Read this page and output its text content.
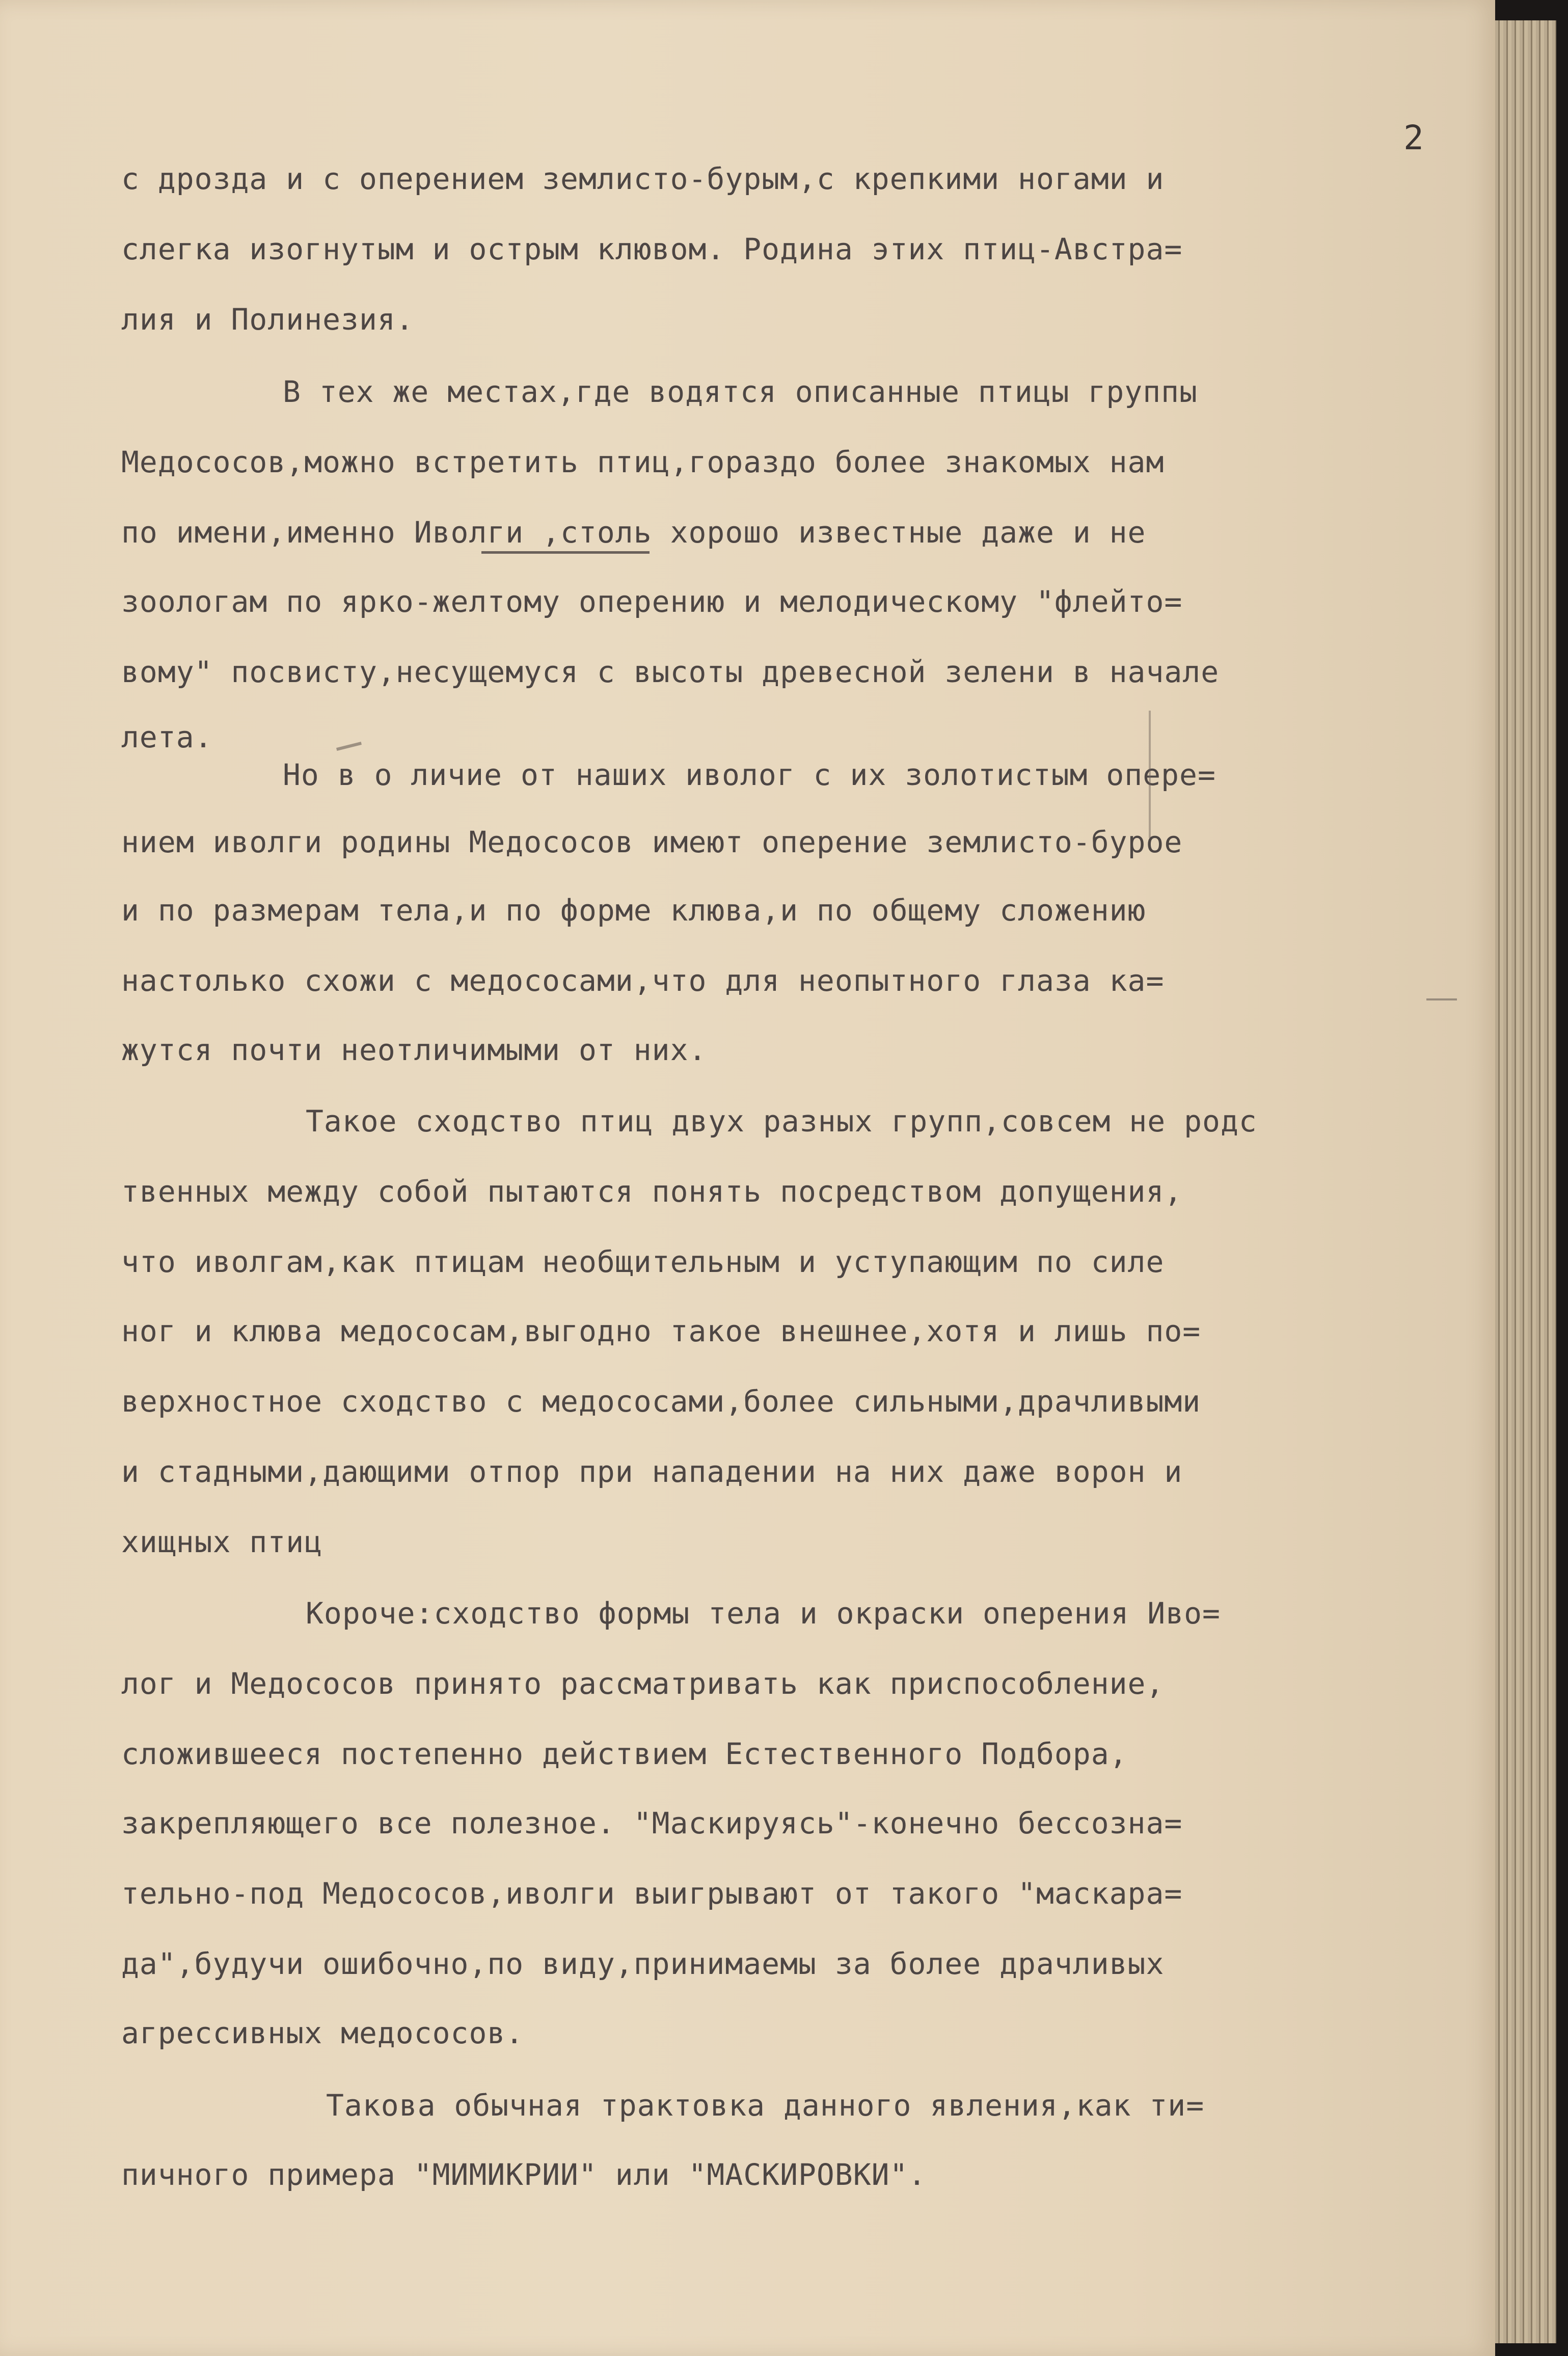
2
с дрозда и с оперением землисто-бурым,с крепкими ногами и
слегка изогнутым и острым клювом. Родина этих птиц-Австра=
лия и Полинезия.
В тех же местах,где водятся описанные птицы группы
Медососов,можно встретить птиц,гораздо более знакомых нам
по имени,именно Иволги ,столь хорошо известные даже и не
зоологам по ярко-желтому оперению и мелодическому "флейто=
вому" посвисту,несущемуся с высоты древесной зелени в начале
лета.
Но в о личие от наших иволог с их золотистым опере=
нием иволги родины Медососов имеют оперение землисто-бурое
и по размерам тела,и по форме клюва,и по общему сложению
настолько схожи с медососами,что для неопытного глаза ка=
жутся почти неотличимыми от них.
Такое сходство птиц двух разных групп,совсем не родс
твенных между собой пытаются понять посредством допущения,
что иволгам,как птицам необщительным и уступающим по силе
ног и клюва медососам,выгодно такое внешнее,хотя и лишь по=
верхностное сходство с медососами,более сильными,драчливыми
и стадными,дающими отпор при нападении на них даже ворон и
хищных птиц
Короче:сходство формы тела и окраски оперения Иво=
лог и Медососов принято рассматривать как приспособление,
сложившееся постепенно действием Естественного Подбора,
закрепляющего все полезное. "Маскируясь"-конечно бессозна=
тельно-под Медососов,иволги выигрывают от такого "маскара=
да",будучи ошибочно,по виду,принимаемы за более драчливых
агрессивных медососов.
Такова обычная трактовка данного явления,как ти=
пичного примера "МИМИКРИИ" или "МАСКИРОВКИ".
